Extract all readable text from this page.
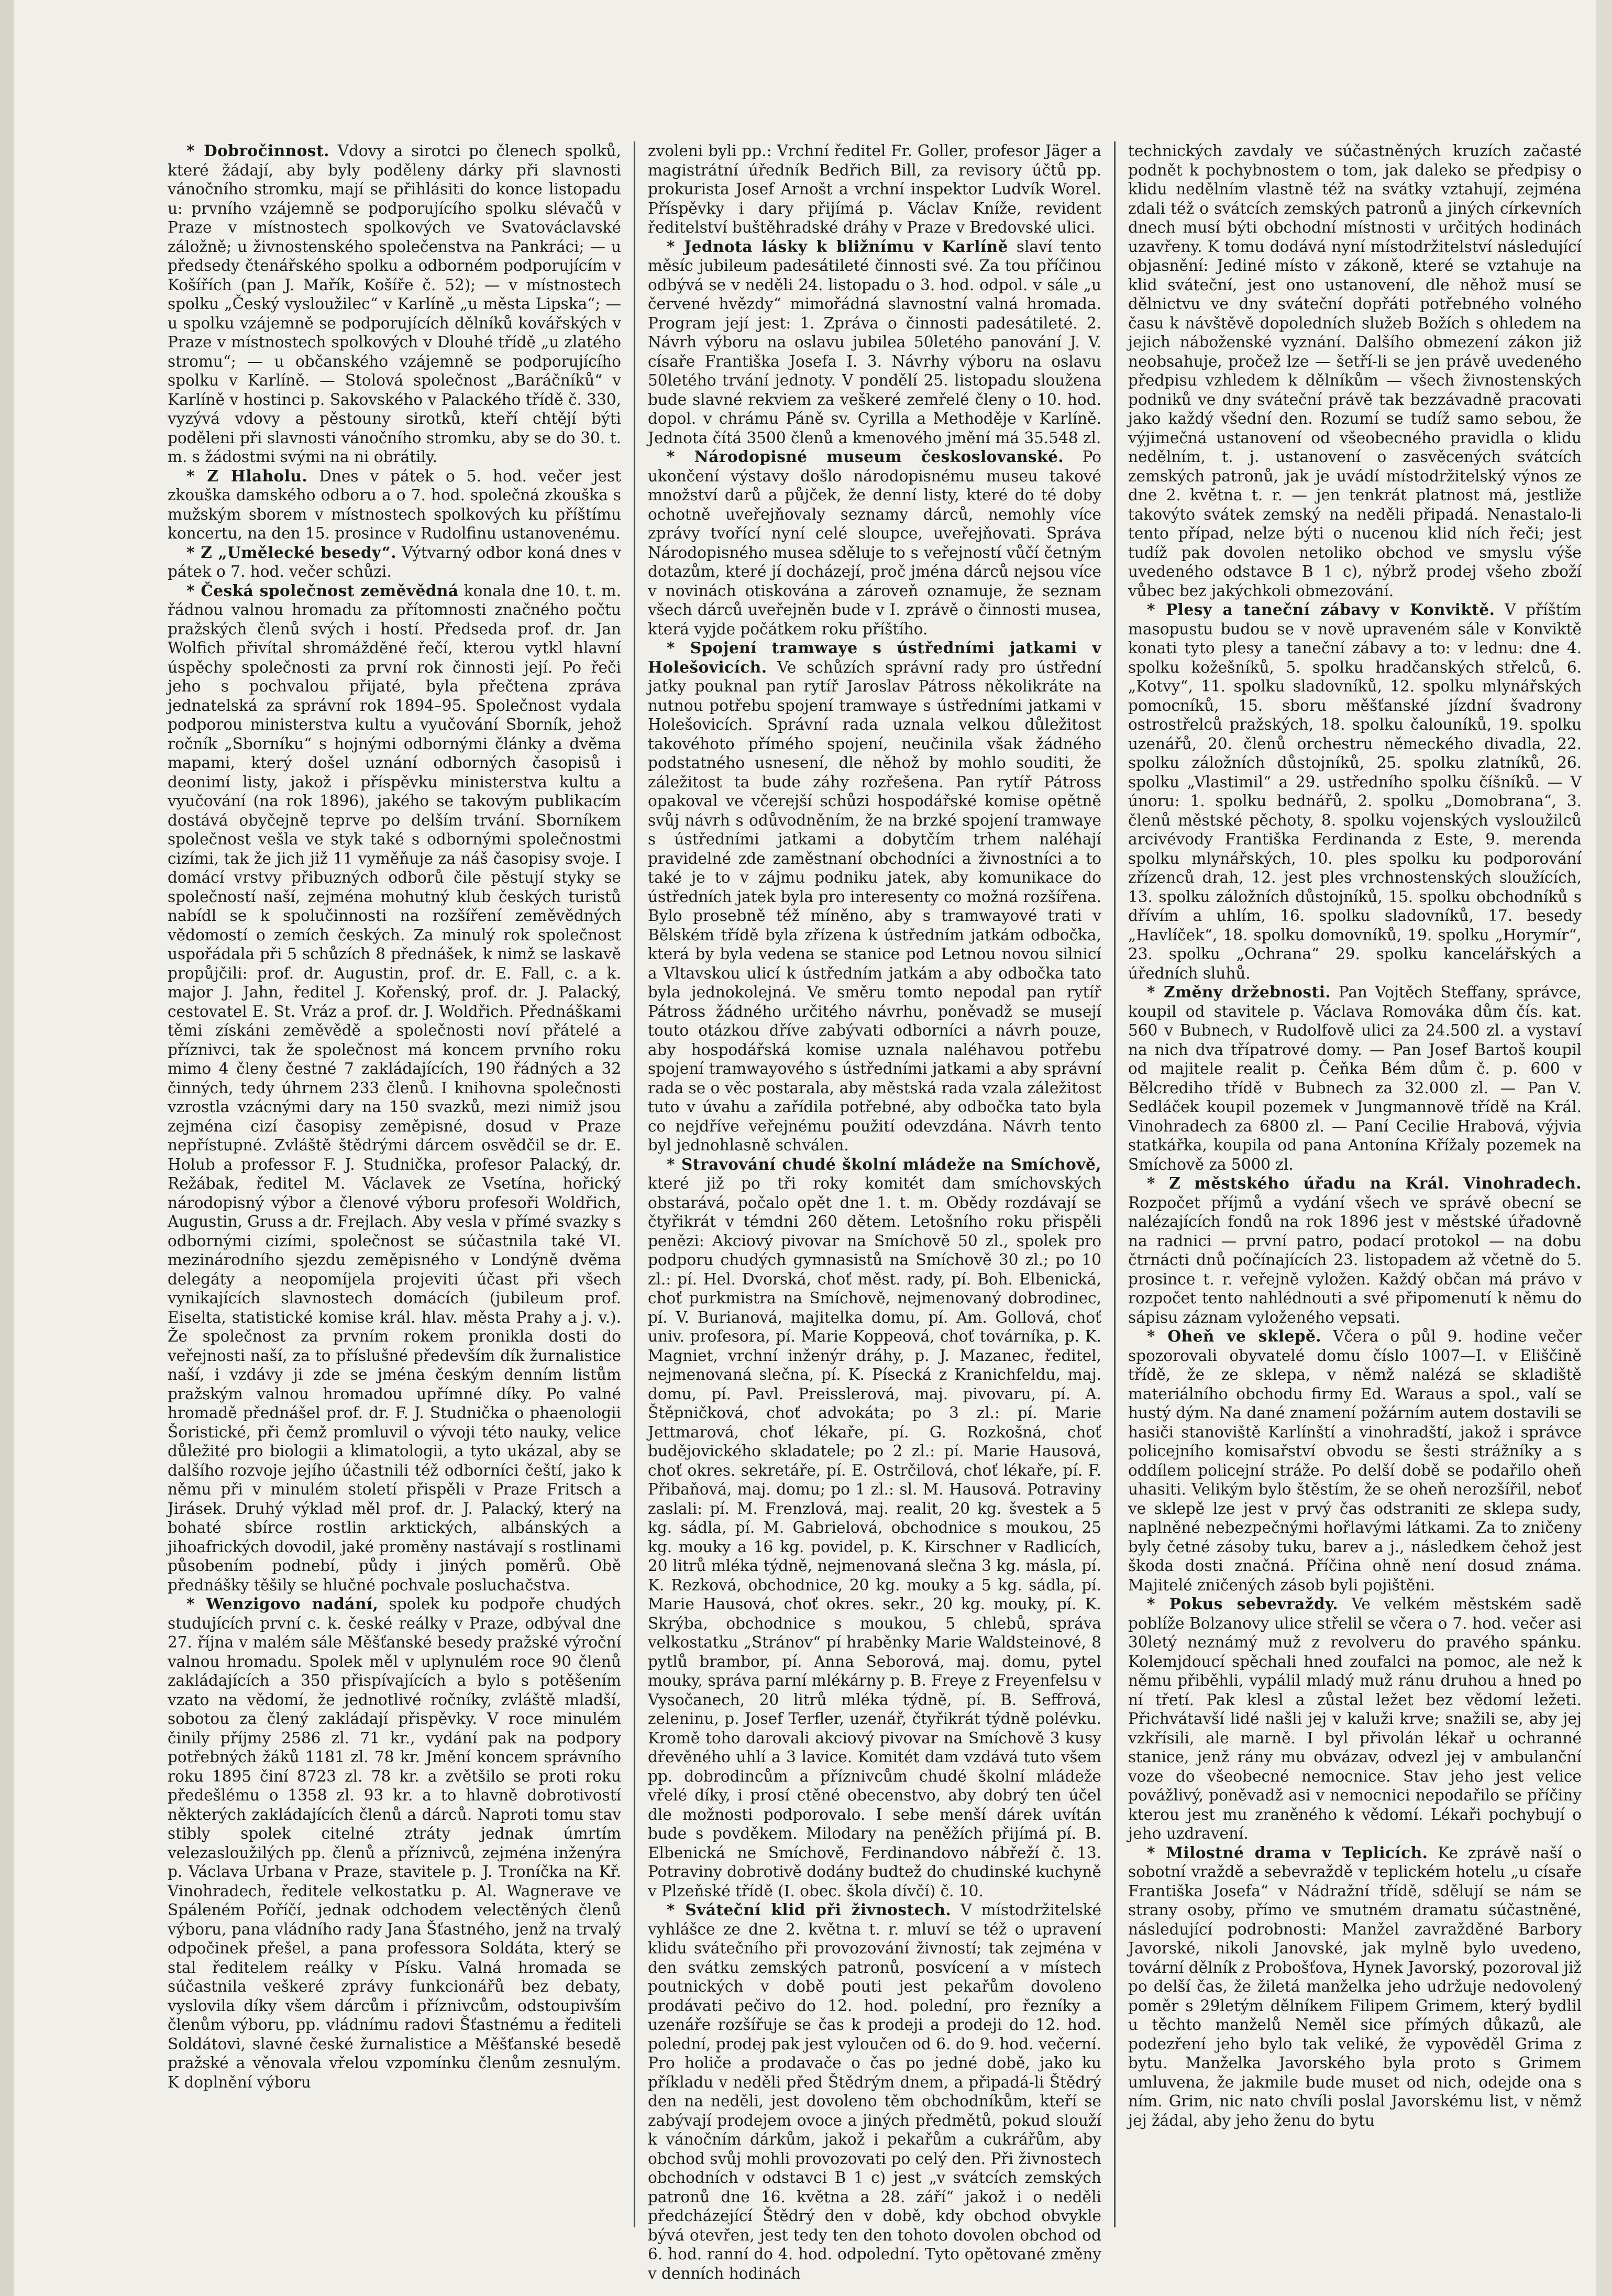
* Dobročinnost. Vdovy a sirotci po členech spolků, které žádají, aby byly poděleny dárky při slavnosti vánočního stromku, mají se přihlásiti do konce listopadu u: prvního vzájemně se podporujícího spolku slévačů v Praze v místnostech spolkových ve Svatováclavské záložně; u živnostenského společenstva na Pankráci; — u předsedy čtenářského spolku a odborném podporujícím v Košířích (pan J. Mařík, Košíře č. 52); — v místnostech spolku „Český vysloužilec“ v Karlíně „u města Lipska“; — u spolku vzájemně se podporujících dělníků kovářských v Praze v místnostech spolkových v Dlouhé třídě „u zlatého stromu“; — u občanského vzájemně se podporujícího spolku v Karlíně. — Stolová společnost „Baráčníků“ v Karlíně v hostinci p. Sakovského v Palackého třídě č. 330, vyzývá vdovy a pěstouny sirotků, kteří chtějí býti poděleni při slavnosti vánočního stromku, aby se do 30. t. m. s žádostmi svými na ni obrátily.

* Z Hlaholu. Dnes v pátek o 5. hod. večer jest zkouška damského odboru a o 7. hod. společná zkouška s mužským sborem v místnostech spolkových ku příštímu koncertu, na den 15. prosince v Rudolfinu ustanovenému.

* Z „Umělecké besedy“. Výtvarný odbor koná dnes v pátek o 7. hod. večer schůzi.

* Česká společnost zeměvědná konala dne 10. t. m. řádnou valnou hromadu za přítomnosti značného počtu pražských členů svých i hostí. Předseda prof. dr. Jan Wolfich přivítal shromážděné řečí, kterou vytkl hlavní úspěchy společnosti za první rok činnosti její. Po řeči jeho s pochvalou přijaté, byla přečtena zpráva jednatelská za správní rok 1894–95. Společnost vydala podporou ministerstva kultu a vyučování Sborník, jehož ročník „Sborníku“ s hojnými odbornými články a dvěma mapami, který došel uznání odborných časopisů i deonimí listy, jakož i příspěvku ministerstva kultu a vyučování (na rok 1896), jakého se takovým publikacím dostává obyčejně teprve po delším trvání. Sborníkem společnost vešla ve styk také s odbornými společnostmi cizími, tak že jich již 11 vyměňuje za náš časopisy svoje. I domácí vrstvy přibuzných odborů čile pěstují styky se společností naší, zejména mohutný klub českých turistů nabídl se k spolučinnosti na rozšíření zeměvědných vědomostí o zemích českých. Za minulý rok společnost uspořádala při 5 schůzích 8 přednášek, k nimž se laskavě propůjčili: prof. dr. Augustin, prof. dr. E. Fall, c. a k. major J. Jahn, ředitel J. Kořenský, prof. dr. J. Palacký, cestovatel E. St. Vráz a prof. dr. J. Woldřich. Přednáškami těmi získáni zeměvědě a společnosti noví přátelé a příznivci, tak že společnost má koncem prvního roku mimo 4 členy čestné 7 zakládajících, 190 řádných a 32 činných, tedy úhrnem 233 členů. I knihovna společnosti vzrostla vzácnými dary na 150 svazků, mezi nimiž jsou zejména cizí časopisy zeměpisné, dosud v Praze nepřístupné. Zvláště štědrými dárcem osvědčil se dr. E. Holub a professor F. J. Studnička, profesor Palacký, dr. Režábak, ředitel M. Václavek ze Vsetína, hořický národopisný výbor a členové výboru profesoři Woldřich, Augustin, Gruss a dr. Frejlach. Aby vesla v přímé svazky s odbornými cizími, společnost se súčastnila také VI. mezinárodního sjezdu zeměpisného v Londýně dvěma delegáty a neopomíjela projeviti účast při všech vynikajících slavnostech domácích (jubileum prof. Eiselta, statistické komise král. hlav. města Prahy a j. v.). Že společnost za prvním rokem pronikla dosti do veřejnosti naší, za to příslušné především dík žurnalistice naší, i vzdávy ji zde se jména českým denním listům pražským valnou hromadou upřímné díky. Po valné hromadě přednášel prof. dr. F. J. Studnička o phaenologii Šoristické, při čemž promluvil o vývoji této nauky, velice důležité pro biologii a klimatologii, a tyto ukázal, aby se dalšího rozvoje jejího účastnili též odborníci čeští, jako k němu při v minulém století přispěli v Praze Fritsch a Jirásek. Druhý výklad měl prof. dr. J. Palacký, který na bohaté sbírce rostlin arktických, albánských a jihoafrických dovodil, jaké proměny nastávají s rostlinami působením podnebí, půdy i jiných poměrů. Obě přednášky těšily se hlučné pochvale posluchačstva.

* Wenzigovo nadání, spolek ku podpoře chudých studujících první c. k. české reálky v Praze, odbýval dne 27. října v malém sále Měšťanské besedy pražské výroční valnou hromadu. Spolek měl v uplynulém roce 90 členů zakládajících a 350 přispívajících a bylo s potěšením vzato na vědomí, že jednotlivé ročníky, zvláště mladší, sobotou za člený zakládají přispěvky. V roce minulém činily příjmy 2586 zl. 71 kr., vydání pak na podpory potřebných žáků 1181 zl. 78 kr. Jmění koncem správního roku 1895 činí 8723 zl. 78 kr. a zvětšilo se proti roku předešlému o 1358 zl. 93 kr. a to hlavně dobrotivostí některých zakládajících členů a dárců. Naproti tomu stav stibly spolek citelné ztráty jednak úmrtím velezasloužilých pp. členů a příznivců, zejména inženýra p. Václava Urbana v Praze, stavitele p. J. Troníčka na Kř. Vinohradech, ředitele velkostatku p. Al. Wagnerave ve Spáleném Poříčí, jednak odchodem velectěných členů výboru, pana vládního rady Jana Šťastného, jenž na trvalý odpočinek přešel, a pana professora Soldáta, který se stal ředitelem reálky v Písku. Valná hromada se súčastnila veškeré zprávy funkcionářů bez debaty, vyslovila díky všem dárcům i příznivcům, odstoupivším členům výboru, pp. vládnímu radovi Šťastnému a řediteli Soldátovi, slavné české žurnalistice a Měšťanské besedě pražské a věnovala vřelou vzpomínku členům zesnulým. K doplnění výboru

zvoleni byli pp.: Vrchní ředitel Fr. Goller, profesor Jäger a magistrátní úředník Bedřich Bill, za revisory účtů pp. prokurista Josef Arnošt a vrchní inspektor Ludvík Worel. Příspěvky i dary přijímá p. Václav Kníže, revident ředitelství buštěhradské dráhy v Praze v Bredovské ulici.

* Jednota lásky k bližnímu v Karlíně slaví tento měsíc jubileum padesátileté činnosti své. Za tou příčinou odbývá se v neděli 24. listopadu o 3. hod. odpol. v sále „u červené hvězdy“ mimořádná slavnostní valná hromada. Program její jest: 1. Zpráva o činnosti padesátileté. 2. Návrh výboru na oslavu jubilea 50letého panování J. V. císaře Františka Josefa I. 3. Návrhy výboru na oslavu 50letého trvání jednoty. V pondělí 25. listopadu sloužena bude slavné rekviem za veškeré zemřelé členy o 10. hod. dopol. v chrámu Páně sv. Cyrilla a Methoděje v Karlíně. Jednota čítá 3500 členů a kmenového jmění má 35.548 zl.

* Národopisné museum českoslovanské. Po ukončení výstavy došlo národopisnému museu takové množství darů a půjček, že denní listy, které do té doby ochotně uveřejňovaly seznamy dárců, nemohly více zprávy tvořící nyní celé sloupce, uveřejňovati. Správa Národopisného musea sděluje to s veřejností vůčí četným dotazům, které jí docházejí, proč jména dárců nejsou více v novinách otiskována a zároveň oznamuje, že seznam všech dárců uveřejněn bude v I. zprávě o činnosti musea, která vyjde počátkem roku příštího.

* Spojení tramwaye s ústředními jatkami v Holešovicích. Ve schůzích správní rady pro ústřední jatky pouknal pan rytíř Jaroslav Pátross několikráte na nutnou potřebu spojení tramwaye s ústředními jatkami v Holešovicích. Správní rada uznala velkou důležitost takovéhoto přímého spojení, neučinila však žádného podstatného usnesení, dle něhož by mohlo souditi, že záležitost ta bude záhy rozřešena. Pan rytíř Pátross opakoval ve včerejší schůzi hospodářské komise opětně svůj návrh s odůvodněním, že na brzké spojení tramwaye s ústředními jatkami a dobytčím trhem naléhají pravidelné zde zaměstnaní obchodníci a živnostníci a to také je to v zájmu podniku jatek, aby komunikace do ústředních jatek byla pro interesenty co možná rozšířena. Bylo prosebně též míněno, aby s tramwayové trati v Bělském třídě byla zřízena k ústředním jatkám odbočka, která by byla vedena se stanice pod Letnou novou silnicí a Vltavskou ulicí k ústředním jatkám a aby odbočka tato byla jednokolejná. Ve směru tomto nepodal pan rytíř Pátross žádného určitého návrhu, poněvadž se musejí touto otázkou dříve zabývati odborníci a návrh pouze, aby hospodářská komise uznala naléhavou potřebu spojení tramwayového s ústředními jatkami a aby správní rada se o věc postarala, aby městská rada vzala záležitost tuto v úvahu a zařídila potřebné, aby odbočka tato byla co nejdříve veřejnému použití odevzdána. Návrh tento byl jednohlasně schválen.

* Stravování chudé školní mládeže na Smíchově, které již po tři roky komitét dam smíchovských obstarává, počalo opět dne 1. t. m. Obědy rozdávají se čtyřikrát v témdni 260 dětem. Letošního roku přispěli penězi: Akciový pivovar na Smíchově 50 zl., spolek pro podporu chudých gymnasistů na Smíchově 30 zl.; po 10 zl.: pí. Hel. Dvorská, choť měst. rady, pí. Boh. Elbenická, choť purkmistra na Smíchově, nejmenovaný dobrodinec, pí. V. Burianová, majitelka domu, pí. Am. Gollová, choť univ. profesora, pí. Marie Koppeová, choť továrníka, p. K. Magniet, vrchní inženýr dráhy, p. J. Mazanec, ředitel, nejmenovaná slečna, pí. K. Písecká z Kranichfeldu, maj. domu, pí. Pavl. Preisslerová, maj. pivovaru, pí. A. Štěpničková, choť advokáta; po 3 zl.: pí. Marie Jettmarová, choť lékaře, pí. G. Rozkošná, choť budějovického skladatele; po 2 zl.: pí. Marie Hausová, choť okres. sekretáře, pí. E. Ostrčilová, choť lékaře, pí. F. Přibaňová, maj. domu; po 1 zl.: sl. M. Hausová. Potraviny zaslali: pí. M. Frenzlová, maj. realit, 20 kg. švestek a 5 kg. sádla, pí. M. Gabrielová, obchodnice s moukou, 25 kg. mouky a 16 kg. povidel, p. K. Kirschner v Radlicích, 20 litrů mléka týdně, nejmenovaná slečna 3 kg. másla, pí. K. Rezková, obchodnice, 20 kg. mouky a 5 kg. sádla, pí. Marie Hausová, choť okres. sekr., 20 kg. mouky, pí. K. Skrýba, obchodnice s moukou, 5 chlebů, správa velkostatku „Stránov“ pí hraběnky Marie Waldsteinové, 8 pytlů brambor, pí. Anna Seborová, maj. domu, pytel mouky, správa parní mlékárny p. B. Freye z Freyenfelsu v Vysočanech, 20 litrů mléka týdně, pí. B. Seffrová, zeleninu, p. Josef Terfler, uzenář, čtyřikrát týdně polévku. Kromě toho darovali akciový pivovar na Smíchově 3 kusy dřevěného uhlí a 3 lavice. Komitét dam vzdává tuto všem pp. dobrodincům a příznivcům chudé školní mládeže vřelé díky, i prosí ctěné obecenstvo, aby dobrý ten účel dle možnosti podporovalo. I sebe menší dárek uvítán bude s povděkem. Milodary na peněžích přijímá pí. B. Elbenická ne Smíchově, Ferdinandovo nábřeží č. 13. Potraviny dobrotivě dodány budtež do chudinské kuchyně v Plzeňské třídě (I. obec. škola dívčí) č. 10.

* Sváteční klid při živnostech. V místodržitelské vyhlášce ze dne 2. května t. r. mluví se též o upravení klidu svátečního při provozování živností; tak zejména v den svátku zemských patronů, posvícení a v místech poutnických v době pouti jest pekařům dovoleno prodávati pečivo do 12. hod. polední, pro řezníky a uzenáře rozšířuje se čas k prodeji a prodeji do 12. hod. polední, prodej pak jest vyloučen od 6. do 9. hod. večerní. Pro holiče a prodavače o čas po jedné době, jako ku příkladu v neděli před Štědrým dnem, a připadá-li Štědrý den na neděli, jest dovoleno těm obchodníkům, kteří se zabývají prodejem ovoce a jiných předmětů, pokud slouží k vánočním dárkům, jakož i pekařům a cukrářům, aby obchod svůj mohli provozovati po celý den. Při živnostech obchodních v odstavci B 1 c) jest „v svátcích zemských patronů dne 16. května a 28. září“ jakož i o neděli předcházející Štědrý den v době, kdy obchod obvykle bývá otevřen, jest tedy ten den tohoto dovolen obchod od 6. hod. ranní do 4. hod. odpolední. Tyto opětované změny v denních hodinách

technických zavdaly ve súčastněných kruzích začasté podnět k pochybnostem o tom, jak daleko se předpisy o klidu nedělním vlastně též na svátky vztahují, zejména zdali též o svátcích zemských patronů a jiných církevních dnech musí býti obchodní místnosti v určitých hodinách uzavřeny. K tomu dodává nyní místodržitelství následující objasnění: Jediné místo v zákoně, které se vztahuje na klid sváteční, jest ono ustanovení, dle něhož musí se dělnictvu ve dny sváteční dopřáti potřebného volného času k návštěvě dopoledních služeb Božích s ohledem na jejich náboženské vyznání. Dalšího obmezení zákon již neobsahuje, pročež lze — šetří-li se jen právě uvedeného předpisu vzhledem k dělníkům — všech živnostenských podniků ve dny sváteční právě tak bezzávadně pracovati jako každý všední den. Rozumí se tudíž samo sebou, že výjimečná ustanovení od všeobecného pravidla o klidu nedělním, t. j. ustanovení o zasvěcených svátcích zemských patronů, jak je uvádí místodržitelský výnos ze dne 2. května t. r. — jen tenkrát platnost má, jestliže takovýto svátek zemský na neděli připadá. Nenastalo-li tento případ, nelze býti o nucenou klid ních řeči; jest tudíž pak dovolen netoliko obchod ve smyslu výše uvedeného odstavce B 1 c), nýbrž prodej všeho zboží vůbec bez jakýchkoli obmezování.

* Plesy a taneční zábavy v Konviktě. V příštím masopustu budou se v nově upraveném sále v Konviktě konati tyto plesy a taneční zábavy a to: v lednu: dne 4. spolku kožešníků, 5. spolku hradčanských střelců, 6. „Kotvy“, 11. spolku sladovníků, 12. spolku mlynářských pomocníků, 15. sboru měšťanské jízdní švadrony ostrostřelců pražských, 18. spolku čalouníků, 19. spolku uzenářů, 20. členů orchestru německého divadla, 22. spolku záložních důstojníků, 25. spolku zlatníků, 26. spolku „Vlastimil“ a 29. ustředního spolku číšníků. — V únoru: 1. spolku bednářů, 2. spolku „Domobrana“, 3. členů městské pěchoty, 8. spolku vojenských vysloužilců arcivévody Františka Ferdinanda z Este, 9. merenda spolku mlynářských, 10. ples spolku ku podporování zřízenců drah, 12. jest ples vrchnostenských sloužících, 13. spolku záložních důstojníků, 15. spolku obchodníků s dřívím a uhlím, 16. spolku sladovníků, 17. besedy „Havlíček“, 18. spolku domovníků, 19. spolku „Horymír“, 23. spolku „Ochrana“ 29. spolku kancelářských a úředních sluhů.

* Změny držebnosti. Pan Vojtěch Steffany, správce, koupil od stavitele p. Václava Romováka dům čís. kat. 560 v Bubnech, v Rudolfově ulici za 24.500 zl. a vystaví na nich dva třípatrové domy. — Pan Josef Bartoš koupil od majitele realit p. Čeňka Bém dům č. p. 600 v Bělcrediho třídě v Bubnech za 32.000 zl. — Pan V. Sedláček koupil pozemek v Jungmannově třídě na Král. Vinohradech za 6800 zl. — Paní Cecilie Hrabová, výjvia statkářka, koupila od pana Antonína Křížaly pozemek na Smíchově za 5000 zl.

* Z městského úřadu na Král. Vinohradech. Rozpočet příjmů a vydání všech ve správě obecní se nalézajících fondů na rok 1896 jest v městské úřadovně na radnici — první patro, podací protokol — na dobu čtrnácti dnů počínajících 23. listopadem až včetně do 5. prosince t. r. veřejně vyložen. Každý občan má právo v rozpočet tento nahlédnouti a své připomenutí k němu do sápisu záznam vyloženého vepsati.

* Oheň ve sklepě. Včera o půl 9. hodine večer spozorovali obyvatelé domu číslo 1007—I. v Eliščině třídě, že ze sklepa, v němž nalézá se skladiště materiálního obchodu firmy Ed. Waraus a spol., valí se hustý dým. Na dané znamení požárním autem dostavili se hasiči stanoviště Karlínští a vinohradští, jakož i správce policejního komisařství obvodu se šesti strážníky a s oddílem policejní stráže. Po delší době se podařilo oheň uhasiti. Velikým bylo štěstím, že se oheň nerozšířil, neboť ve sklepě lze jest v prvý čas odstraniti ze sklepa sudy, naplněné nebezpečnými hořlavými látkami. Za to zničeny byly četné zásoby tuku, barev a j., následkem čehož jest škoda dosti značná. Příčina ohně není dosud známa. Majitelé zničených zásob byli pojištěni.

* Pokus sebevraždy. Ve velkém městském sadě poblíže Bolzanovy ulice střelil se včera o 7. hod. večer asi 30letý neznámý muž z revolveru do pravého spánku. Kolemjdoucí spěchali hned zoufalci na pomoc, ale než k němu přiběhli, vypálil mladý muž ránu druhou a hned po ní třetí. Pak klesl a zůstal ležet bez vědomí ležeti. Přichvátavší lidé našli jej v kaluži krve; snažili se, aby jej vzkřísili, ale marně. I byl přivolán lékař u ochranné stanice, jenž rány mu obvázav, odvezl jej v ambulanční voze do všeobecné nemocnice. Stav jeho jest velice povážlivý, poněvadž asi v nemocnici nepodařilo se příčiny kterou jest mu zraněného k vědomí. Lékaři pochybují o jeho uzdravení.

* Milostné drama v Teplicích. Ke zprávě naší o sobotní vraždě a sebevraždě v teplickém hotelu „u císaře Františka Josefa“ v Nádražní třídě, sdělují se nám se strany osoby, přímo ve smutném dramatu súčastněné, následující podrobnosti: Manžel zavražděné Barbory Javorské, nikoli Janovské, jak mylně bylo uvedeno, tovární dělník z Probošťova, Hynek Javorský, pozoroval již po delší čas, že žiletá manželka jeho udržuje nedovolený poměr s 29letým dělníkem Filipem Grimem, který bydlil u těchto manželů Neměl sice přímých důkazů, ale podezření jeho bylo tak veliké, že vypověděl Grima z bytu. Manželka Javorského byla proto s Grimem umluvena, že jakmile bude muset od nich, odejde ona s ním. Grim, nic nato chvíli poslal Javorskému list, v němž jej žádal, aby jeho ženu do bytu
